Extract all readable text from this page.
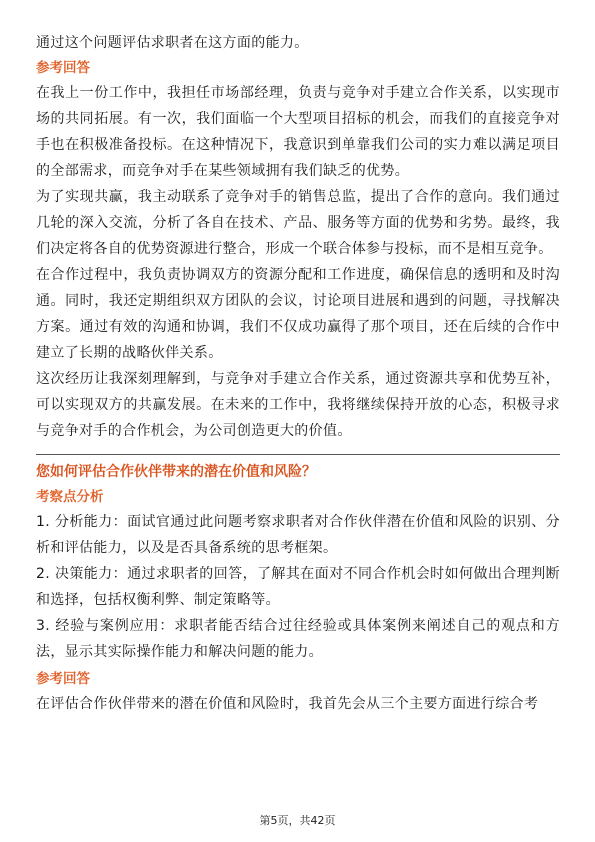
通过这个问题评估求职者在这方面的能力。

参考回答

在我上一份工作中，我担任市场部经理，负责与竞争对手建立合作关系，以实现市场的共同拓展。有一次，我们面临一个大型项目招标的机会，而我们的直接竞争对手也在积极准备投标。在这种情况下，我意识到单靠我们公司的实力难以满足项目的全部需求，而竞争对手在某些领域拥有我们缺乏的优势。

为了实现共赢，我主动联系了竞争对手的销售总监，提出了合作的意向。我们通过几轮的深入交流，分析了各自在技术、产品、服务等方面的优势和劣势。最终，我们决定将各自的优势资源进行整合，形成一个联合体参与投标，而不是相互竞争。

在合作过程中，我负责协调双方的资源分配和工作进度，确保信息的透明和及时沟通。同时，我还定期组织双方团队的会议，讨论项目进展和遇到的问题，寻找解决方案。通过有效的沟通和协调，我们不仅成功赢得了那个项目，还在后续的合作中建立了长期的战略伙伴关系。

这次经历让我深刻理解到，与竞争对手建立合作关系，通过资源共享和优势互补，可以实现双方的共赢发展。在未来的工作中，我将继续保持开放的心态，积极寻求与竞争对手的合作机会，为公司创造更大的价值。

您如何评估合作伙伴带来的潜在价值和风险？

考察点分析

1. 分析能力：面试官通过此问题考察求职者对合作伙伴潜在价值和风险的识别、分析和评估能力，以及是否具备系统的思考框架。

2. 决策能力：通过求职者的回答，了解其在面对不同合作机会时如何做出合理判断和选择，包括权衡利弊、制定策略等。

3. 经验与案例应用：求职者能否结合过往经验或具体案例来阐述自己的观点和方法，显示其实际操作能力和解决问题的能力。

参考回答

在评估合作伙伴带来的潜在价值和风险时，我首先会从三个主要方面进行综合考

第5页，共42页
